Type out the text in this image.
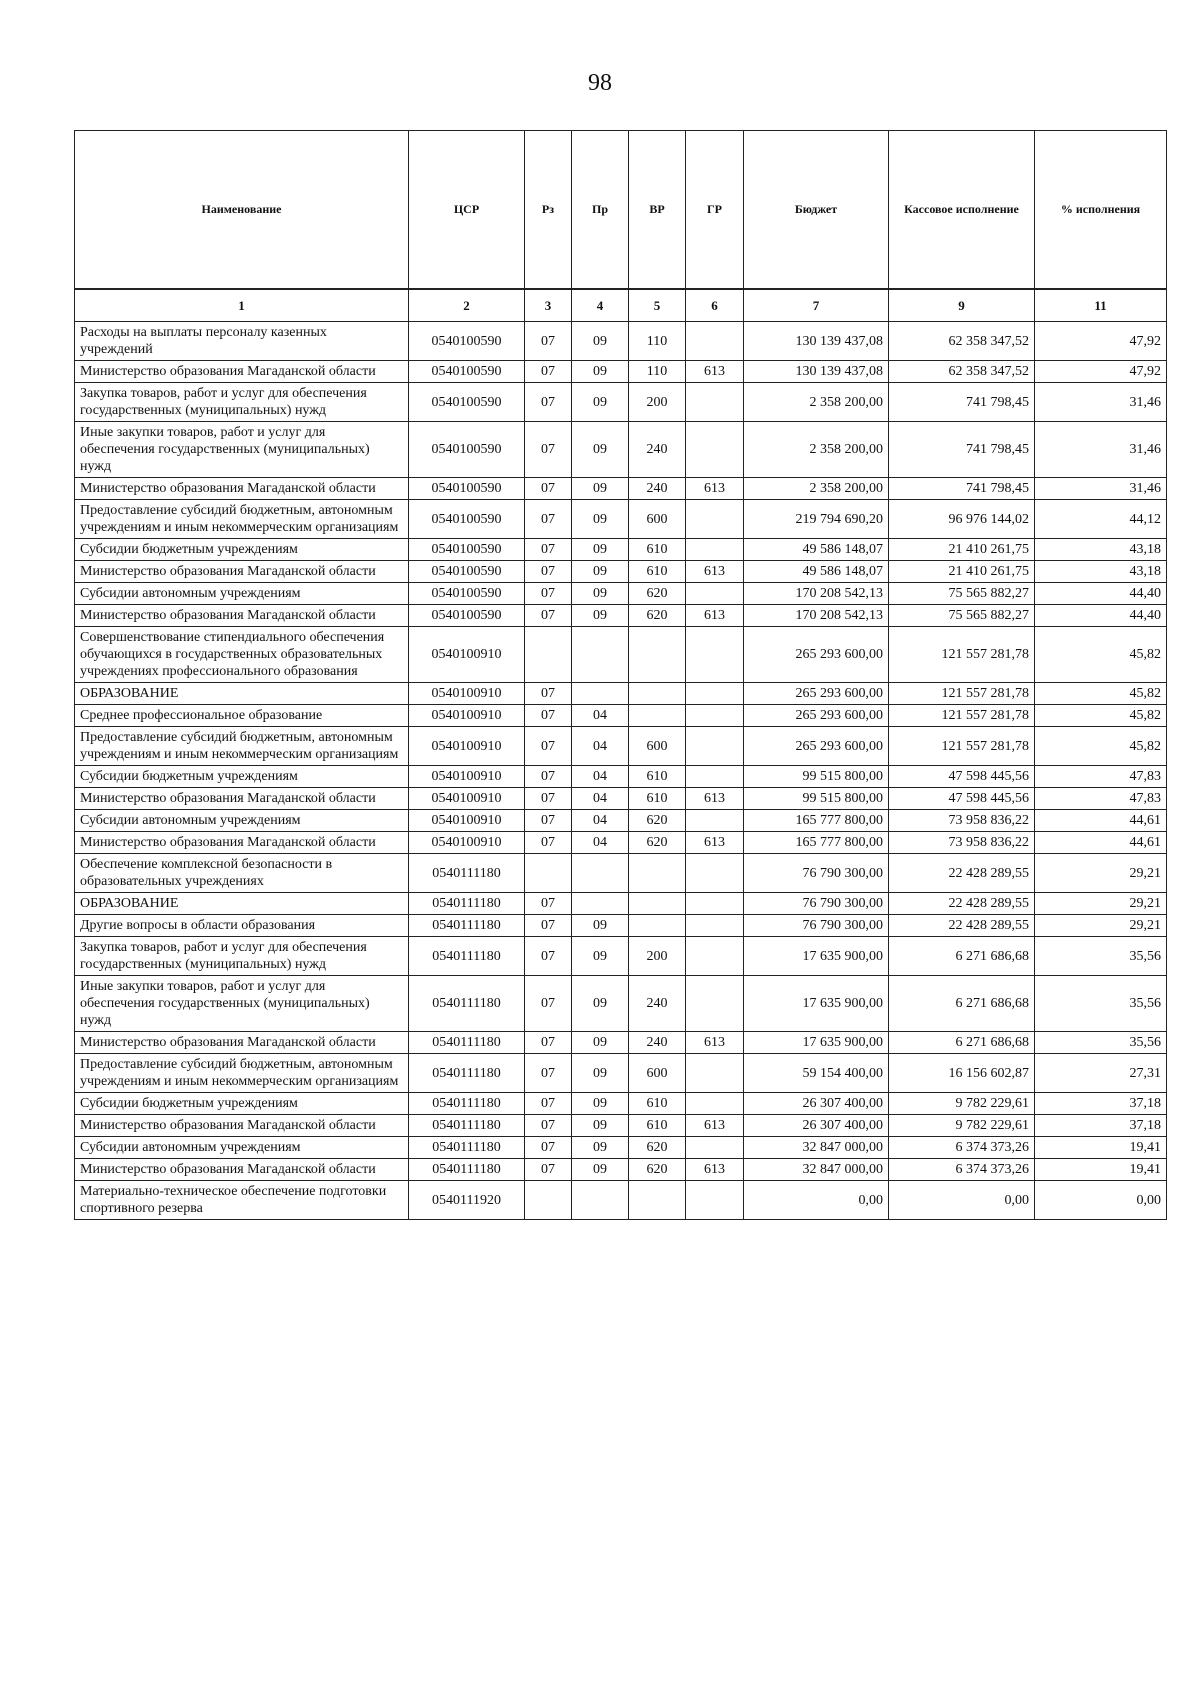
98
Наименование	ЦСР	Рз	Пр	ВР	ГР	Бюджет	Кассовое исполнение	% исполнения
1	2	3	4	5	6	7	9	11
Расходы на выплаты персоналу казенных учреждений	0540100590	07	09	110		130 139 437,08	62 358 347,52	47,92
Министерство образования Магаданской области	0540100590	07	09	110	613	130 139 437,08	62 358 347,52	47,92
Закупка товаров, работ и услуг для обеспечения государственных (муниципальных) нужд	0540100590	07	09	200		2 358 200,00	741 798,45	31,46
Иные закупки товаров, работ и услуг для обеспечения государственных (муниципальных) нужд	0540100590	07	09	240		2 358 200,00	741 798,45	31,46
Министерство образования Магаданской области	0540100590	07	09	240	613	2 358 200,00	741 798,45	31,46
Предоставление субсидий бюджетным, автономным учреждениям и иным некоммерческим организациям	0540100590	07	09	600		219 794 690,20	96 976 144,02	44,12
Субсидии бюджетным учреждениям	0540100590	07	09	610		49 586 148,07	21 410 261,75	43,18
Министерство образования Магаданской области	0540100590	07	09	610	613	49 586 148,07	21 410 261,75	43,18
Субсидии автономным учреждениям	0540100590	07	09	620		170 208 542,13	75 565 882,27	44,40
Министерство образования Магаданской области	0540100590	07	09	620	613	170 208 542,13	75 565 882,27	44,40
Совершенствование стипендиального обеспечения обучающихся в государственных образовательных учреждениях профессионального образования	0540100910					265 293 600,00	121 557 281,78	45,82
ОБРАЗОВАНИЕ	0540100910	07				265 293 600,00	121 557 281,78	45,82
Среднее профессиональное образование	0540100910	07	04			265 293 600,00	121 557 281,78	45,82
Предоставление субсидий бюджетным, автономным учреждениям и иным некоммерческим организациям	0540100910	07	04	600		265 293 600,00	121 557 281,78	45,82
Субсидии бюджетным учреждениям	0540100910	07	04	610		99 515 800,00	47 598 445,56	47,83
Министерство образования Магаданской области	0540100910	07	04	610	613	99 515 800,00	47 598 445,56	47,83
Субсидии автономным учреждениям	0540100910	07	04	620		165 777 800,00	73 958 836,22	44,61
Министерство образования Магаданской области	0540100910	07	04	620	613	165 777 800,00	73 958 836,22	44,61
Обеспечение комплексной безопасности в образовательных учреждениях	0540111180					76 790 300,00	22 428 289,55	29,21
ОБРАЗОВАНИЕ	0540111180	07				76 790 300,00	22 428 289,55	29,21
Другие вопросы в области образования	0540111180	07	09			76 790 300,00	22 428 289,55	29,21
Закупка товаров, работ и услуг для обеспечения государственных (муниципальных) нужд	0540111180	07	09	200		17 635 900,00	6 271 686,68	35,56
Иные закупки товаров, работ и услуг для обеспечения государственных (муниципальных) нужд	0540111180	07	09	240		17 635 900,00	6 271 686,68	35,56
Министерство образования Магаданской области	0540111180	07	09	240	613	17 635 900,00	6 271 686,68	35,56
Предоставление субсидий бюджетным, автономным учреждениям и иным некоммерческим организациям	0540111180	07	09	600		59 154 400,00	16 156 602,87	27,31
Субсидии бюджетным учреждениям	0540111180	07	09	610		26 307 400,00	9 782 229,61	37,18
Министерство образования Магаданской области	0540111180	07	09	610	613	26 307 400,00	9 782 229,61	37,18
Субсидии автономным учреждениям	0540111180	07	09	620		32 847 000,00	6 374 373,26	19,41
Министерство образования Магаданской области	0540111180	07	09	620	613	32 847 000,00	6 374 373,26	19,41
Материально-техническое обеспечение подготовки спортивного резерва	0540111920					0,00	0,00	0,00
